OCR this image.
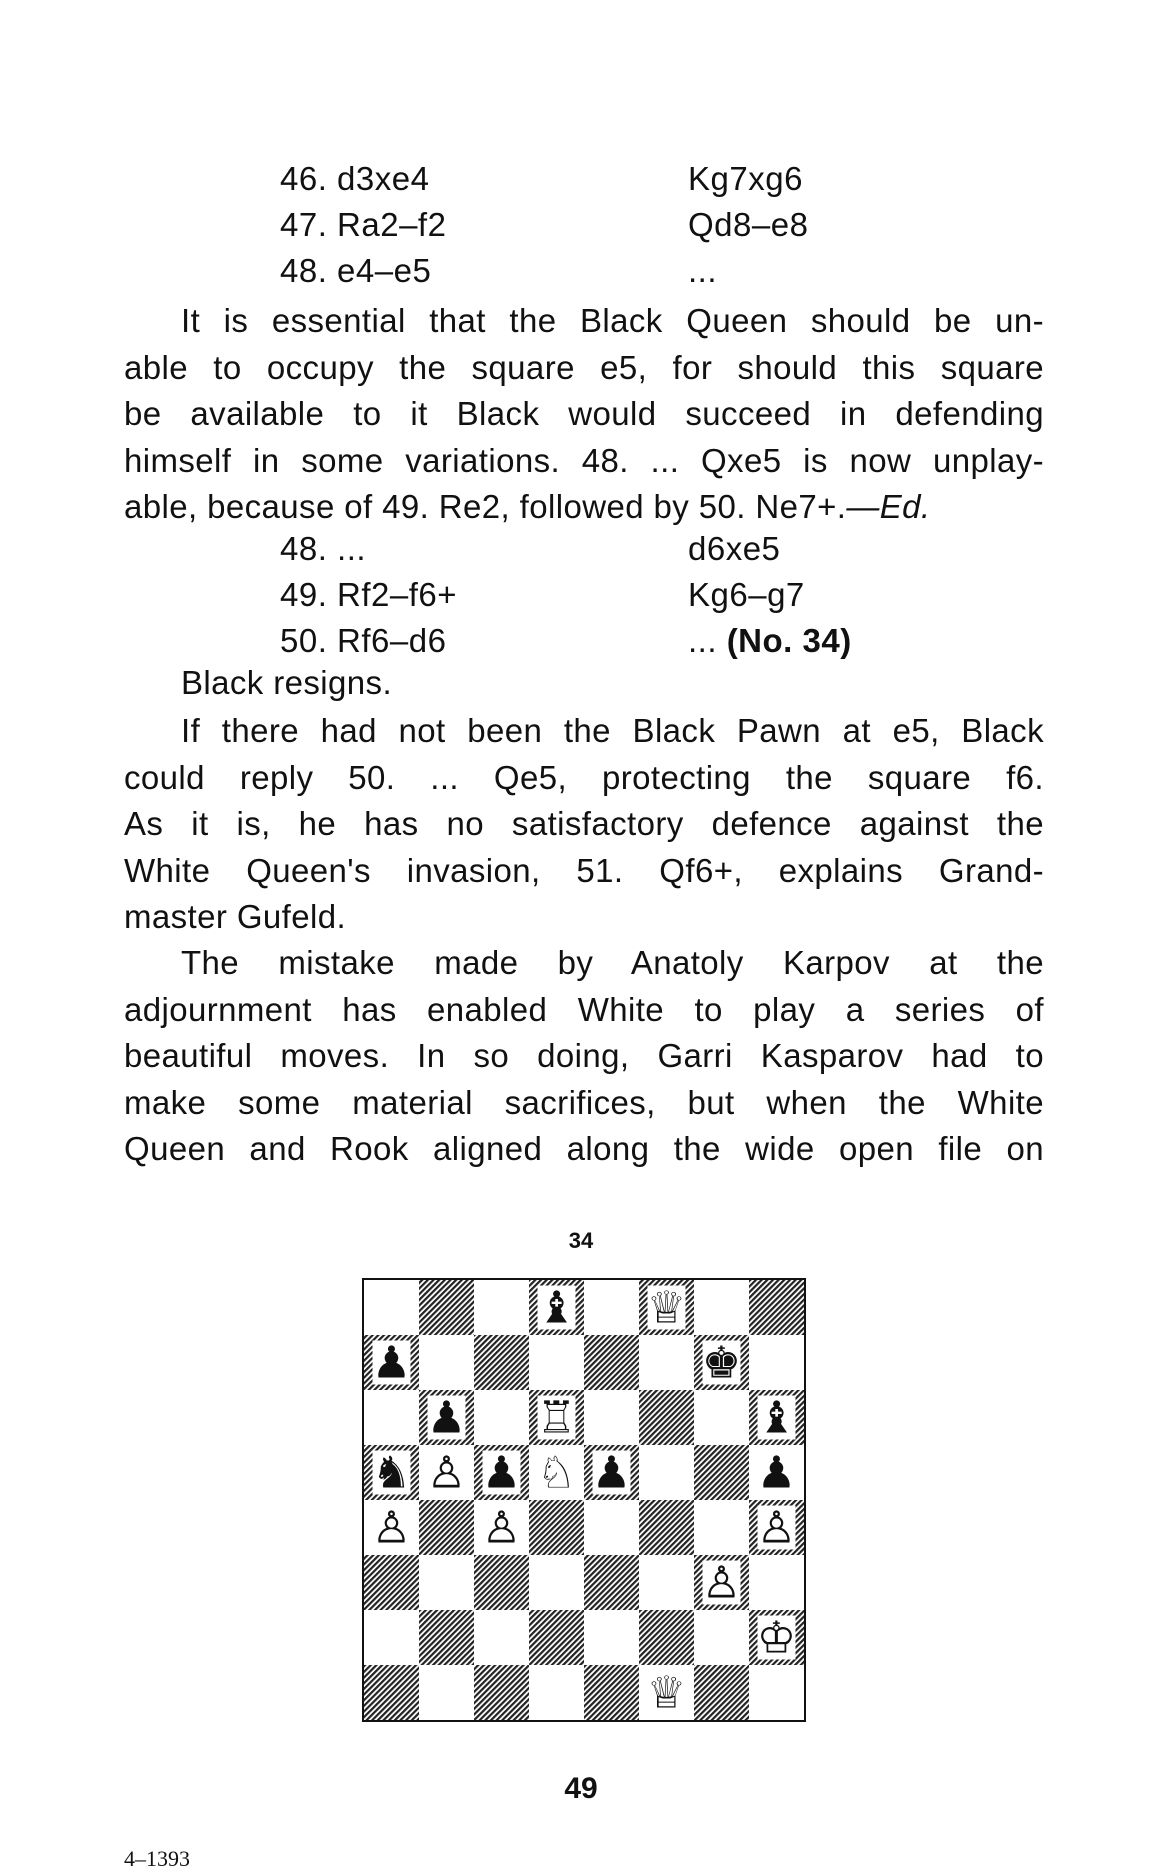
46. d3xe4	Kg7xg6
47. Ra2–f2	Qd8–e8
48. e4–e5	...
It is essential that the Black Queen should be un-
able to occupy the square e5, for should this square
be available to it Black would succeed in defending
himself in some variations. 48. ... Qxe5 is now unplay-
able, because of 49. Re2, followed by 50. Ne7+.—Ed.
48. ...	d6xe5
49. Rf2–f6+	Kg6–g7
50. Rf6–d6	... (No. 34)
Black resigns.
If there had not been the Black Pawn at e5, Black
could reply 50. ... Qe5, protecting the square f6.
As it is, he has no satisfactory defence against the
White Queen's invasion, 51. Qf6+, explains Grand-
master Gufeld.
The mistake made by Anatoly Karpov at the
adjournment has enabled White to play a series of
beautiful moves. In so doing, Garri Kasparov had to
make some material sacrifices, but when the White
Queen and Rook aligned along the wide open file on
34
♝ ♕
♟	♚
♟ ♖	♝
♞ ♙ ♟ ♘ ♟	♟
♙ ♙	♙
♙
♔
♕
49
4–1393
